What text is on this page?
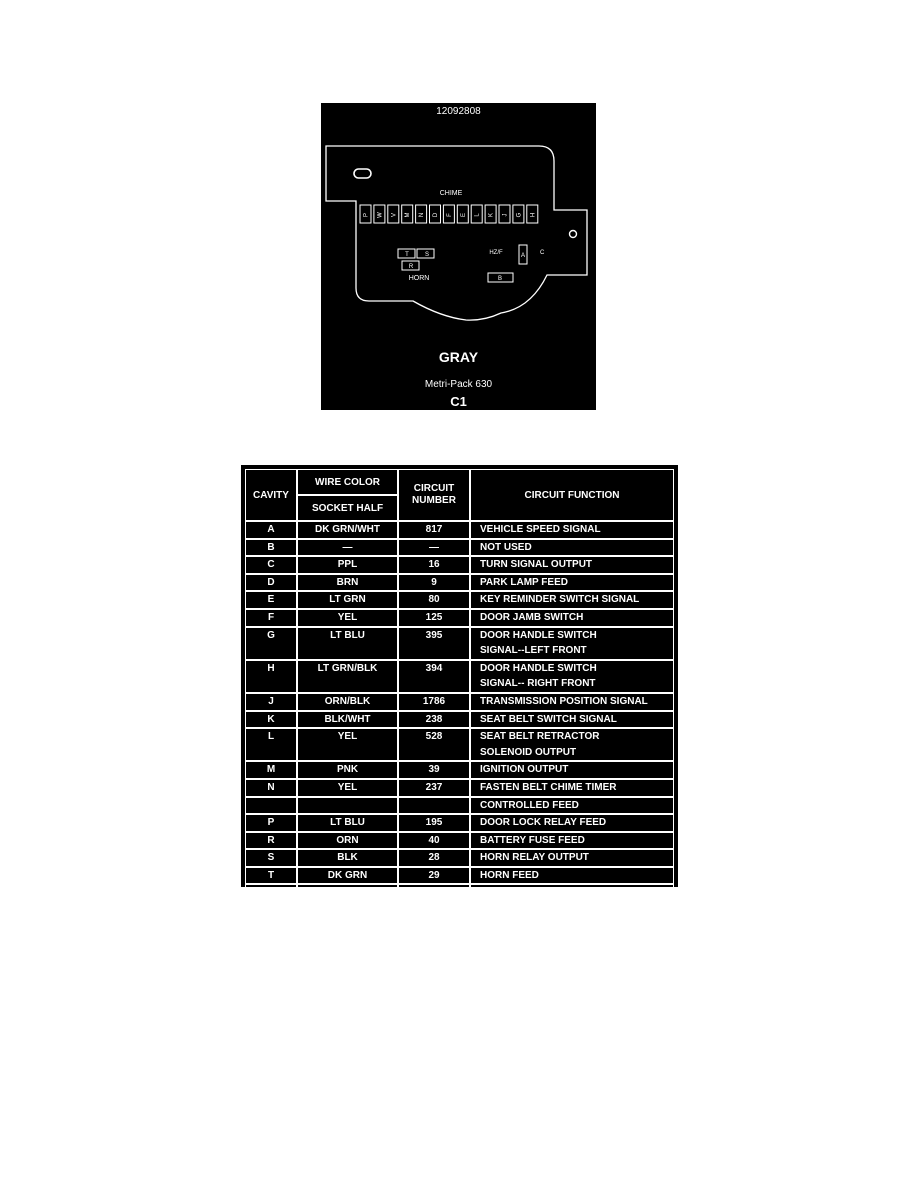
12092808
CHIME
P W V M N D F E L K J G H
T	S
R
HORN
HZ/F	A C
B
GRAY
Metri-Pack 630
C1
CAVITY	WIRE COLOR	CIRCUIT NUMBER	CIRCUIT FUNCTION
	SOCKET HALF		

A	DK GRN/WHT	817	VEHICLE SPEED SIGNAL

B	—	—	NOT USED

C	PPL	16	TURN SIGNAL OUTPUT

D	BRN	9	PARK LAMP FEED

E	LT GRN	80	KEY REMINDER SWITCH SIGNAL

F	YEL	125	DOOR JAMB SWITCH

G	LT BLU	395	DOOR HANDLE SWITCH
SIGNAL--LEFT FRONT

H	LT GRN/BLK	394	DOOR HANDLE SWITCH
SIGNAL-- RIGHT FRONT

J	ORN/BLK	1786	TRANSMISSION POSITION SIGNAL

K	BLK/WHT	238	SEAT BELT SWITCH SIGNAL

L	YEL	528	SEAT BELT RETRACTOR
SOLENOID OUTPUT

M	PNK	39	IGNITION OUTPUT

N	YEL	237	FASTEN BELT CHIME TIMER

			CONTROLLED FEED

P	LT BLU	195	DOOR LOCK RELAY FEED

R	ORN	40	BATTERY FUSE FEED

S	BLK	28	HORN RELAY OUTPUT

T	DK GRN	29	HORN FEED

V	BRN	27	HAZARD FLASHER OUTPUT

W	ORN	140	BATTERY FUSE FEED
